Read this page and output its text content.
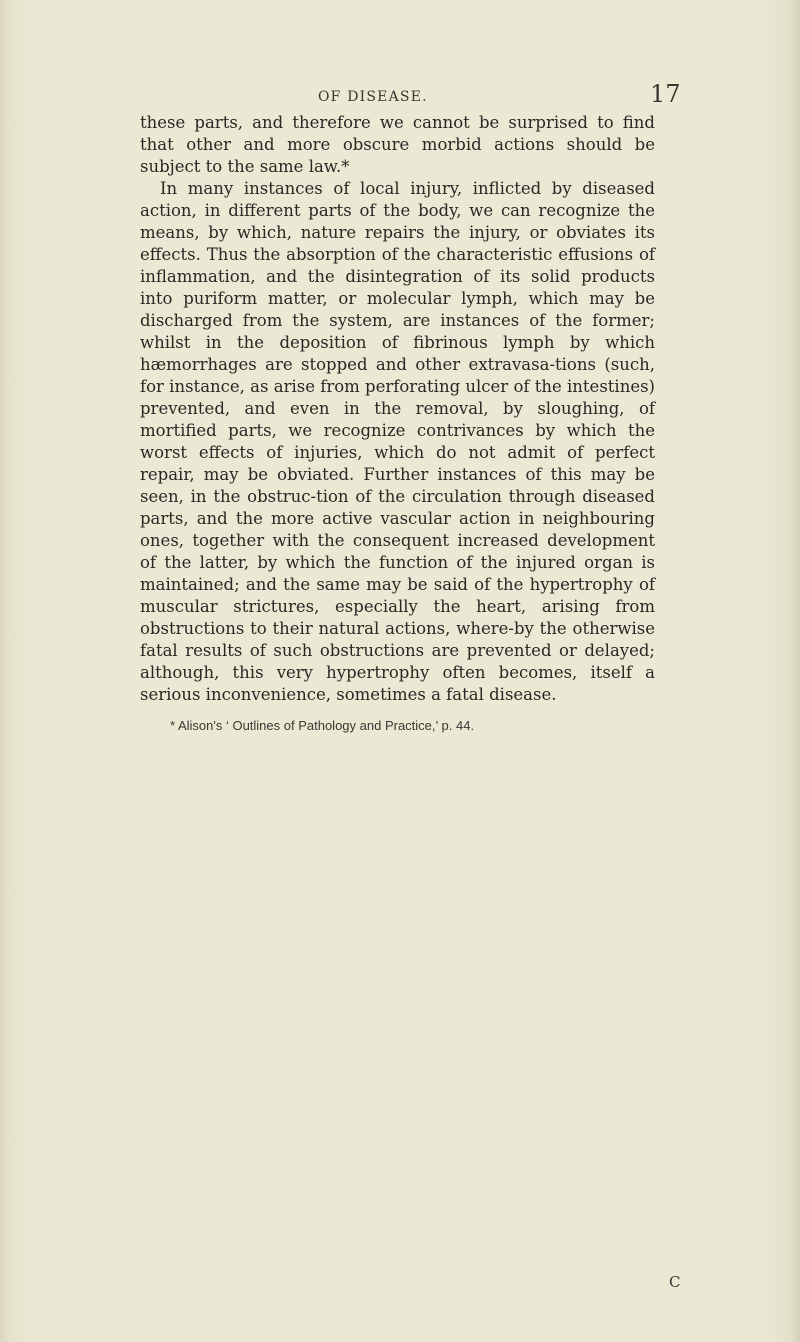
OF DISEASE.	17

these parts, and therefore we cannot be surprised to find that other and more obscure morbid actions should be subject to the same law.*

In many instances of local injury, inflicted by diseased action, in different parts of the body, we can recognize the means, by which, nature repairs the injury, or obviates its effects. Thus the absorption of the characteristic effusions of inflammation, and the disintegration of its solid products into puriform matter, or molecular lymph, which may be discharged from the system, are instances of the former; whilst in the deposition of fibrinous lymph by which hæmorrhages are stopped and other extravasa-tions (such, for instance, as arise from perforating ulcer of the intestines) prevented, and even in the removal, by sloughing, of mortified parts, we recognize contrivances by which the worst effects of injuries, which do not admit of perfect repair, may be obviated. Further instances of this may be seen, in the obstruc-tion of the circulation through diseased parts, and the more active vascular action in neighbouring ones, together with the consequent increased development of the latter, by which the function of the injured organ is maintained; and the same may be said of the hypertrophy of muscular strictures, especially the heart, arising from obstructions to their natural actions, where-by the otherwise fatal results of such obstructions are prevented or delayed; although, this very hypertrophy often becomes, itself a serious inconvenience, sometimes a fatal disease.

* Alison's ‘ Outlines of Pathology and Practice,’ p. 44.
C
